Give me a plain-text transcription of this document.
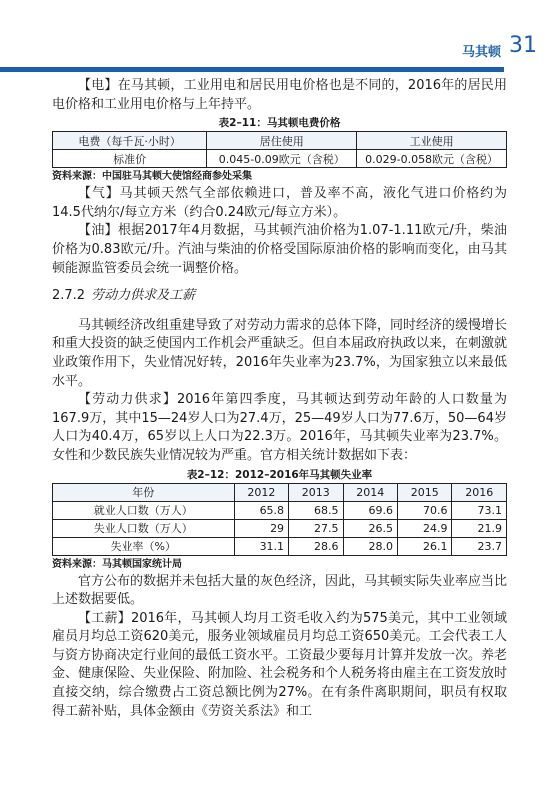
马其顿 31

【电】在马其顿，工业用电和居民用电价格也是不同的，2016年的居民用电价格和工业用电价格与上年持平。

表2–11：马其顿电费价格
电费（每千瓦·小时）	居住使用	工业使用
标准价	0.045-0.09欧元（含税）	0.029-0.058欧元（含税）
资料来源：中国驻马其顿大使馆经商参处采集

【气】马其顿天然气全部依赖进口，普及率不高，液化气进口价格约为14.5代纳尔/每立方米（约合0.24欧元/每立方米）。

【油】根据2017年4月数据，马其顿汽油价格为1.07-1.11欧元/升，柴油价格为0.83欧元/升。汽油与柴油的价格受国际原油价格的影响而变化，由马其顿能源监管委员会统一调整价格。

2.7.2 劳动力供求及工薪

马其顿经济改组重建导致了对劳动力需求的总体下降，同时经济的缓慢增长和重大投资的缺乏使国内工作机会严重缺乏。但自本届政府执政以来，在刺激就业政策作用下，失业情况好转，2016年失业率为23.7%，为国家独立以来最低水平。

【劳动力供求】2016年第四季度，马其顿达到劳动年龄的人口数量为167.9万，其中15—24岁人口为27.4万，25—49岁人口为77.6万，50—64岁人口为40.4万，65岁以上人口为22.3万。2016年，马其顿失业率为23.7%。女性和少数民族失业情况较为严重。官方相关统计数据如下表：

表2–12：2012–2016年马其顿失业率
年份	2012	2013	2014	2015	2016
就业人口数（万人）	65.8	68.5	69.6	70.6	73.1
失业人口数（万人）	29	27.5	26.5	24.9	21.9
失业率（%）	31.1	28.6	28.0	26.1	23.7
资料来源：马其顿国家统计局

官方公布的数据并未包括大量的灰色经济，因此，马其顿实际失业率应当比上述数据要低。

【工薪】2016年，马其顿人均月工资毛收入约为575美元，其中工业领域雇员月均总工资620美元，服务业领域雇员月均总工资650美元。工会代表工人与资方协商决定行业间的最低工资水平。工资最少要每月计算并发放一次。养老金、健康保险、失业保险、附加险、社会税务和个人税务将由雇主在工资发放时直接交纳，综合缴费占工资总额比例为27%。在有条件离职期间，职员有权取得工薪补贴，具体金额由《劳资关系法》和工
